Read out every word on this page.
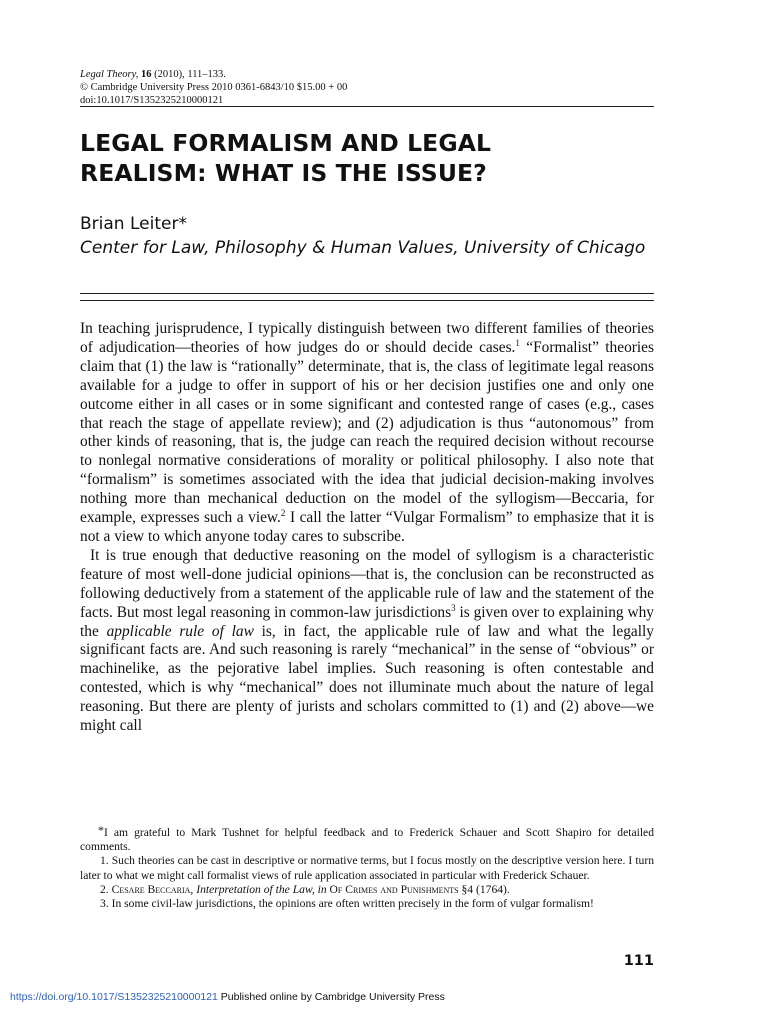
Legal Theory, 16 (2010), 111–133.
© Cambridge University Press 2010 0361-6843/10 $15.00 + 00
doi:10.1017/S1352325210000121
LEGAL FORMALISM AND LEGAL
REALISM: WHAT IS THE ISSUE?
Brian Leiter*
Center for Law, Philosophy & Human Values, University of Chicago

In teaching jurisprudence, I typically distinguish between two different families of theories of adjudication—theories of how judges do or should decide cases.$^1$ “Formalist” theories claim that (1) the law is “rationally” determinate, that is, the class of legitimate legal reasons available for a judge to offer in support of his or her decision justifies one and only one outcome either in all cases or in some significant and contested range of cases (e.g., cases that reach the stage of appellate review); and (2) adjudication is thus “autonomous” from other kinds of reasoning, that is, the judge can reach the required decision without recourse to nonlegal normative considerations of morality or political philosophy. I also note that “formalism” is sometimes associated with the idea that judicial decision-making involves nothing more than mechanical deduction on the model of the syllogism—Beccaria, for example, expresses such a view.$^2$ I call the latter “Vulgar Formalism” to emphasize that it is not a view to which anyone today cares to subscribe.

It is true enough that deductive reasoning on the model of syllogism is a characteristic feature of most well-done judicial opinions—that is, the conclusion can be reconstructed as following deductively from a statement of the applicable rule of law and the statement of the facts. But most legal reasoning in common-law jurisdictions$^3$ is given over to explaining why the applicable rule of law is, in fact, the applicable rule of law and what the legally significant facts are. And such reasoning is rarely “mechanical” in the sense of “obvious” or machinelike, as the pejorative label implies. Such reasoning is often contestable and contested, which is why “mechanical” does not illuminate much about the nature of legal reasoning. But there are plenty of jurists and scholars committed to (1) and (2) above—we might call

*I am grateful to Mark Tushnet for helpful feedback and to Frederick Schauer and Scott Shapiro for detailed comments.

1. Such theories can be cast in descriptive or normative terms, but I focus mostly on the descriptive version here. I turn later to what we might call formalist views of rule application associated in particular with Frederick Schauer.

2. Cesare Beccaria, Interpretation of the Law, in Of Crimes and Punishments §4 (1764).

3. In some civil-law jurisdictions, the opinions are often written precisely in the form of vulgar formalism!

111
https://doi.org/10.1017/S1352325210000121 Published online by Cambridge University Press
